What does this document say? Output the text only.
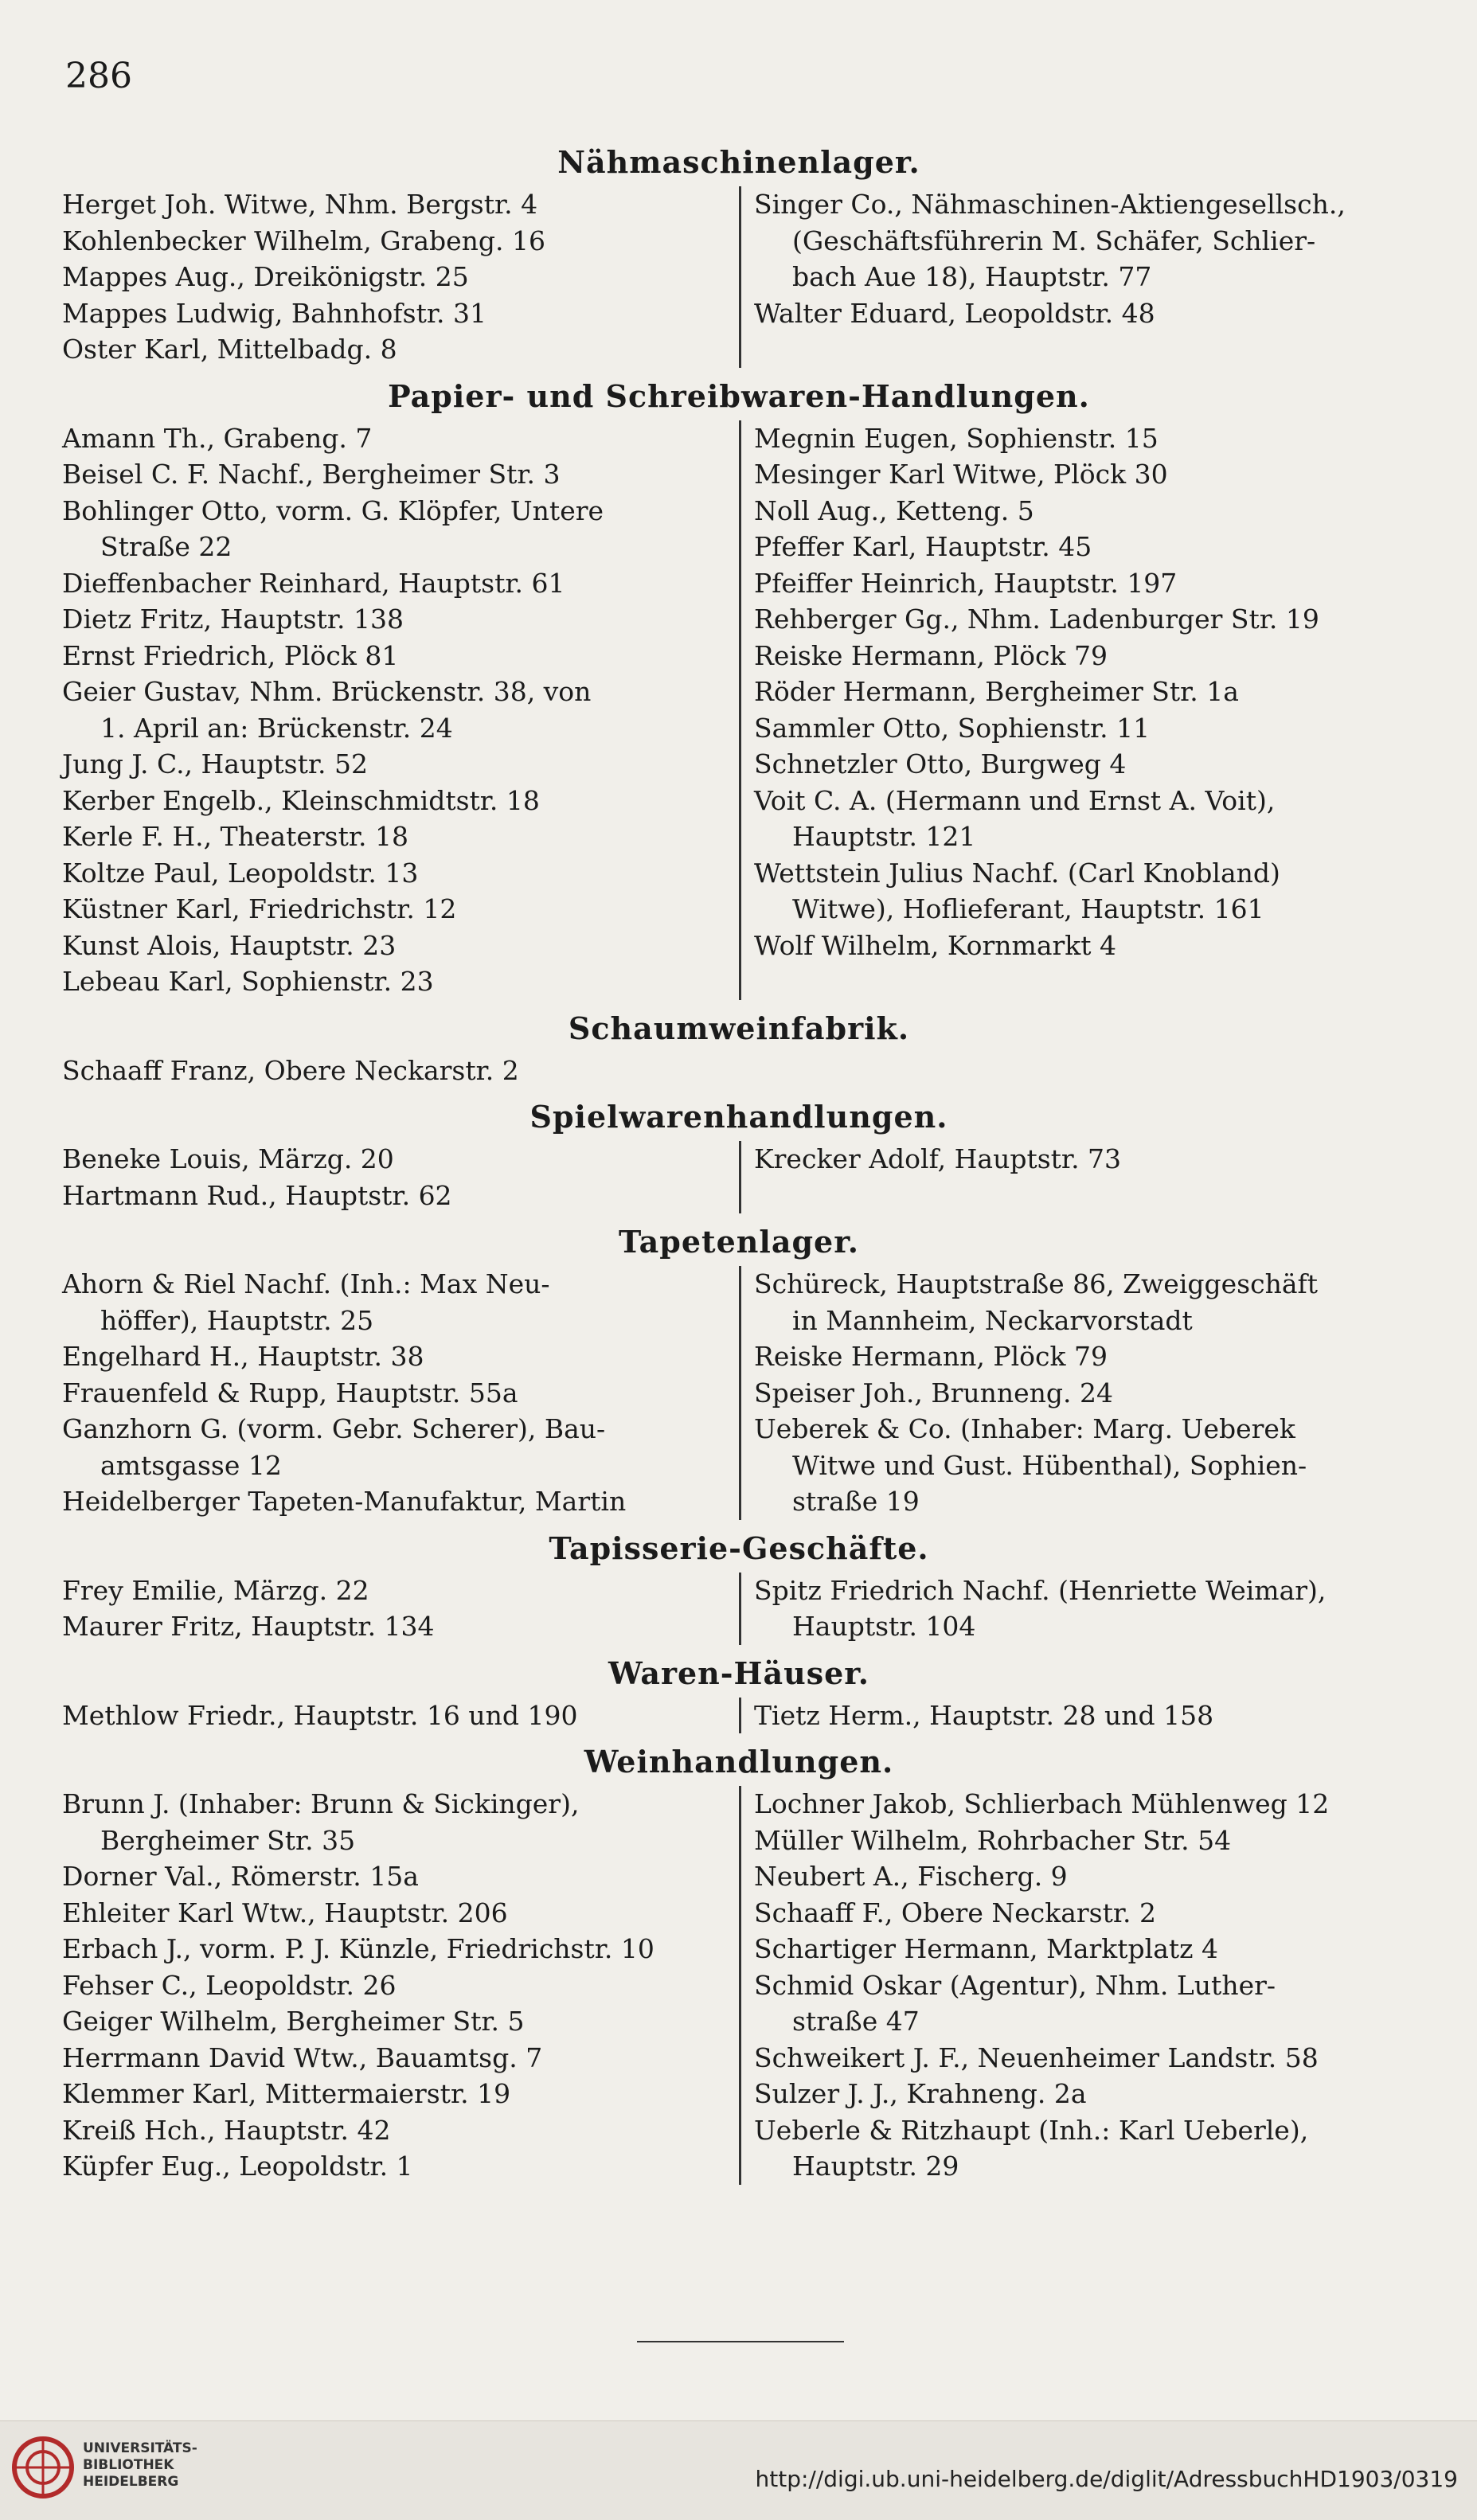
286
Nähmaschinenlager.
Herget Joh. Witwe, Nhm. Bergstr. 4
Kohlenbecker Wilhelm, Grabeng. 16
Mappes Aug., Dreikönigstr. 25
Mappes Ludwig, Bahnhofstr. 31
Oster Karl, Mittelbadg. 8
Singer Co., Nähmaschinen-Aktiengesellsch.,
(Geschäftsführerin M. Schäfer, Schlier-
bach Aue 18), Hauptstr. 77
Walter Eduard, Leopoldstr. 48
Papier- und Schreibwaren-Handlungen.
Amann Th., Grabeng. 7
Beisel C. F. Nachf., Bergheimer Str. 3
Bohlinger Otto, vorm. G. Klöpfer, Untere
Straße 22
Dieffenbacher Reinhard, Hauptstr. 61
Dietz Fritz, Hauptstr. 138
Ernst Friedrich, Plöck 81
Geier Gustav, Nhm. Brückenstr. 38, von
1. April an: Brückenstr. 24
Jung J. C., Hauptstr. 52
Kerber Engelb., Kleinschmidtstr. 18
Kerle F. H., Theaterstr. 18
Koltze Paul, Leopoldstr. 13
Küstner Karl, Friedrichstr. 12
Kunst Alois, Hauptstr. 23
Lebeau Karl, Sophienstr. 23
Megnin Eugen, Sophienstr. 15
Mesinger Karl Witwe, Plöck 30
Noll Aug., Ketteng. 5
Pfeffer Karl, Hauptstr. 45
Pfeiffer Heinrich, Hauptstr. 197
Rehberger Gg., Nhm. Ladenburger Str. 19
Reiske Hermann, Plöck 79
Röder Hermann, Bergheimer Str. 1a
Sammler Otto, Sophienstr. 11
Schnetzler Otto, Burgweg 4
Voit C. A. (Hermann und Ernst A. Voit),
Hauptstr. 121
Wettstein Julius Nachf. (Carl Knobland)
Witwe), Hoflieferant, Hauptstr. 161
Wolf Wilhelm, Kornmarkt 4
Schaumweinfabrik.
Schaaff Franz, Obere Neckarstr. 2
Spielwarenhandlungen.
Beneke Louis, Märzg. 20
Hartmann Rud., Hauptstr. 62
Krecker Adolf, Hauptstr. 73
Tapetenlager.
Ahorn & Riel Nachf. (Inh.: Max Neu-
höffer), Hauptstr. 25
Engelhard H., Hauptstr. 38
Frauenfeld & Rupp, Hauptstr. 55a
Ganzhorn G. (vorm. Gebr. Scherer), Bau-
amtsgasse 12
Heidelberger Tapeten-Manufaktur, Martin
Schüreck, Hauptstraße 86, Zweiggeschäft
in Mannheim, Neckarvorstadt
Reiske Hermann, Plöck 79
Speiser Joh., Brunneng. 24
Ueberek & Co. (Inhaber: Marg. Ueberek
Witwe und Gust. Hübenthal), Sophien-
straße 19
Tapisserie-Geschäfte.
Frey Emilie, Märzg. 22
Maurer Fritz, Hauptstr. 134
Spitz Friedrich Nachf. (Henriette Weimar),
Hauptstr. 104
Waren-Häuser.
Methlow Friedr., Hauptstr. 16 und 190	Tietz Herm., Hauptstr. 28 und 158
Weinhandlungen.
Brunn J. (Inhaber: Brunn & Sickinger),
Bergheimer Str. 35
Dorner Val., Römerstr. 15a
Ehleiter Karl Wtw., Hauptstr. 206
Erbach J., vorm. P. J. Künzle, Friedrichstr. 10
Fehser C., Leopoldstr. 26
Geiger Wilhelm, Bergheimer Str. 5
Herrmann David Wtw., Bauamtsg. 7
Klemmer Karl, Mittermaierstr. 19
Kreiß Hch., Hauptstr. 42
Küpfer Eug., Leopoldstr. 1
Lochner Jakob, Schlierbach Mühlenweg 12
Müller Wilhelm, Rohrbacher Str. 54
Neubert A., Fischerg. 9
Schaaff F., Obere Neckarstr. 2
Schartiger Hermann, Marktplatz 4
Schmid Oskar (Agentur), Nhm. Luther-
straße 47
Schweikert J. F., Neuenheimer Landstr. 58
Sulzer J. J., Krahneng. 2a
Ueberle & Ritzhaupt (Inh.: Karl Ueberle),
Hauptstr. 29
UNIVERSITÄTS-
BIBLIOTHEK
HEIDELBERG	http://digi.ub.uni-heidelberg.de/diglit/AdressbuchHD1903/0319
